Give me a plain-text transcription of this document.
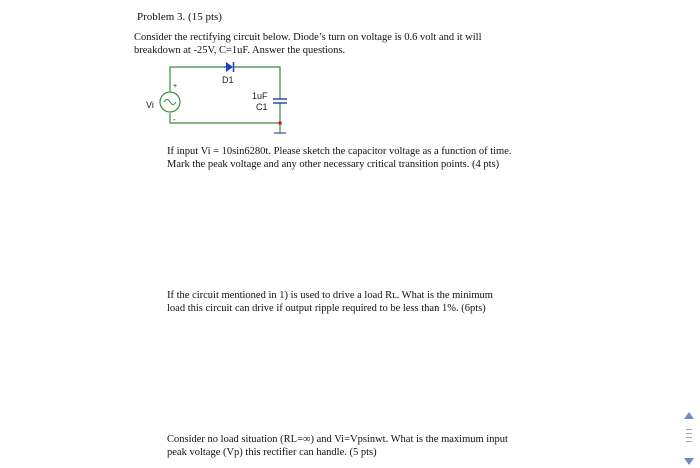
Problem 3. (15 pts)
Consider the rectifying circuit below. Diode’s turn on voltage is 0.6 volt and it will
breakdown at -25V, C=1uF. Answer the questions.
D1
1uF
C1
+
-
Vi
If input Vi = 10sin6280t. Please sketch the capacitor voltage as a function of time.
Mark the peak voltage and any other necessary critical transition points. (4 pts)
If the circuit mentioned in 1) is used to drive a load Rʟ. What is the minimum
load this circuit can drive if output ripple required to be less than 1%. (6pts)
Consider no load situation (RL=∞) and Vi=Vpsinwt. What is the maximum input
peak voltage (Vp) this rectifier can handle. (5 pts)
